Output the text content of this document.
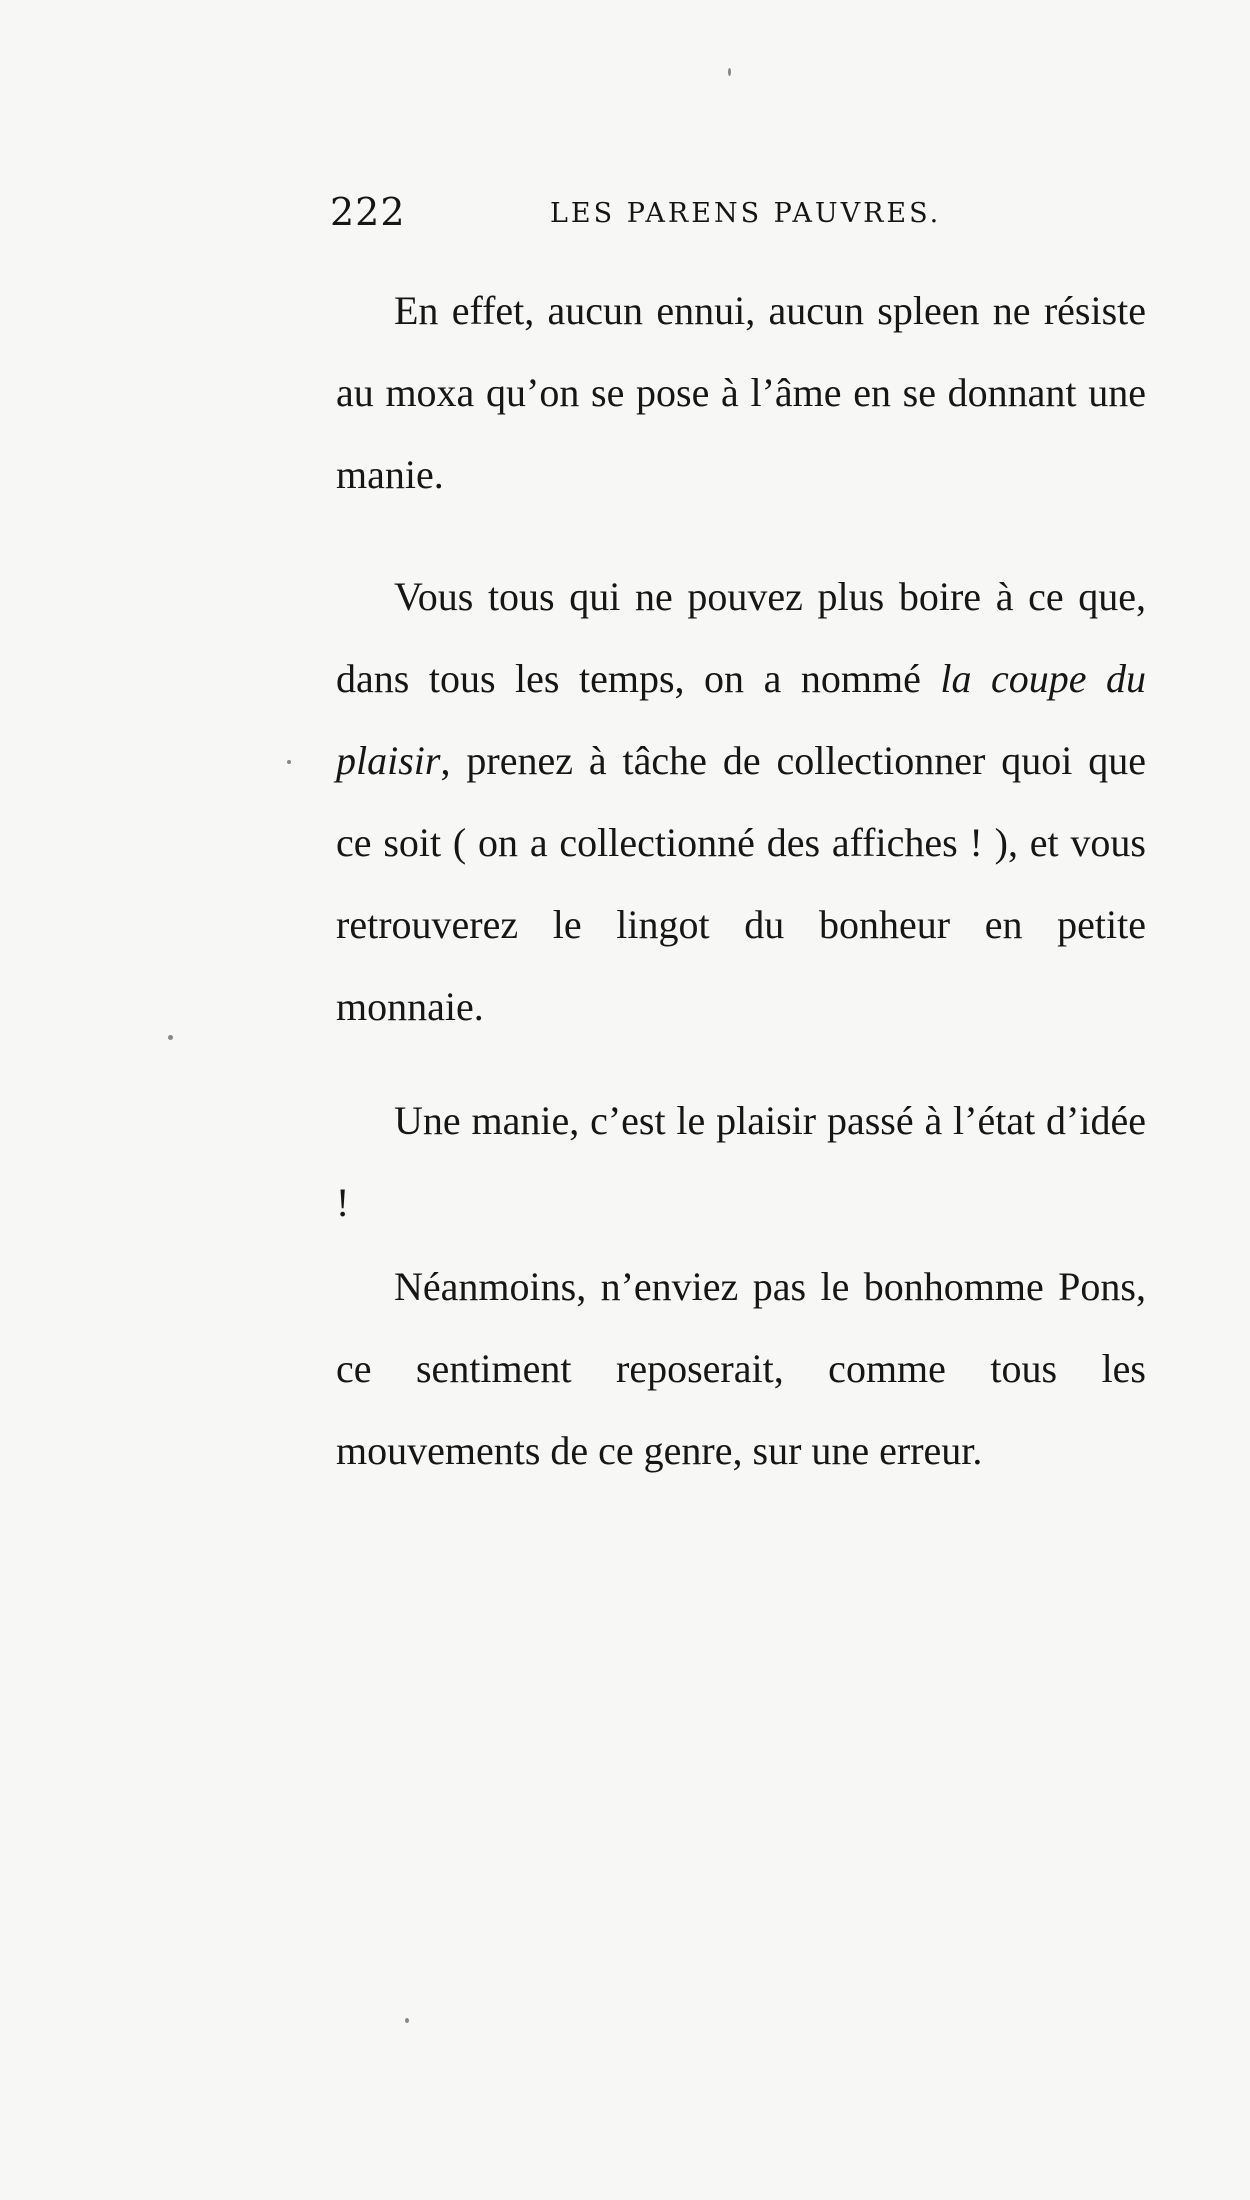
222	LES PARENS PAUVRES.

En effet, aucun ennui, aucun spleen ne résiste au moxa qu’on se pose à l’âme en se donnant une manie.

Vous tous qui ne pouvez plus boire à ce que, dans tous les temps, on a nommé la coupe du plaisir, prenez à tâche de collectionner quoi que ce soit ( on a collectionné des affiches ! ), et vous retrouverez le lingot du bonheur en petite monnaie.

Une manie, c’est le plaisir passé à l’état d’idée !

Néanmoins, n’enviez pas le bonhomme Pons, ce sentiment reposerait, comme tous les mouvements de ce genre, sur une erreur.
